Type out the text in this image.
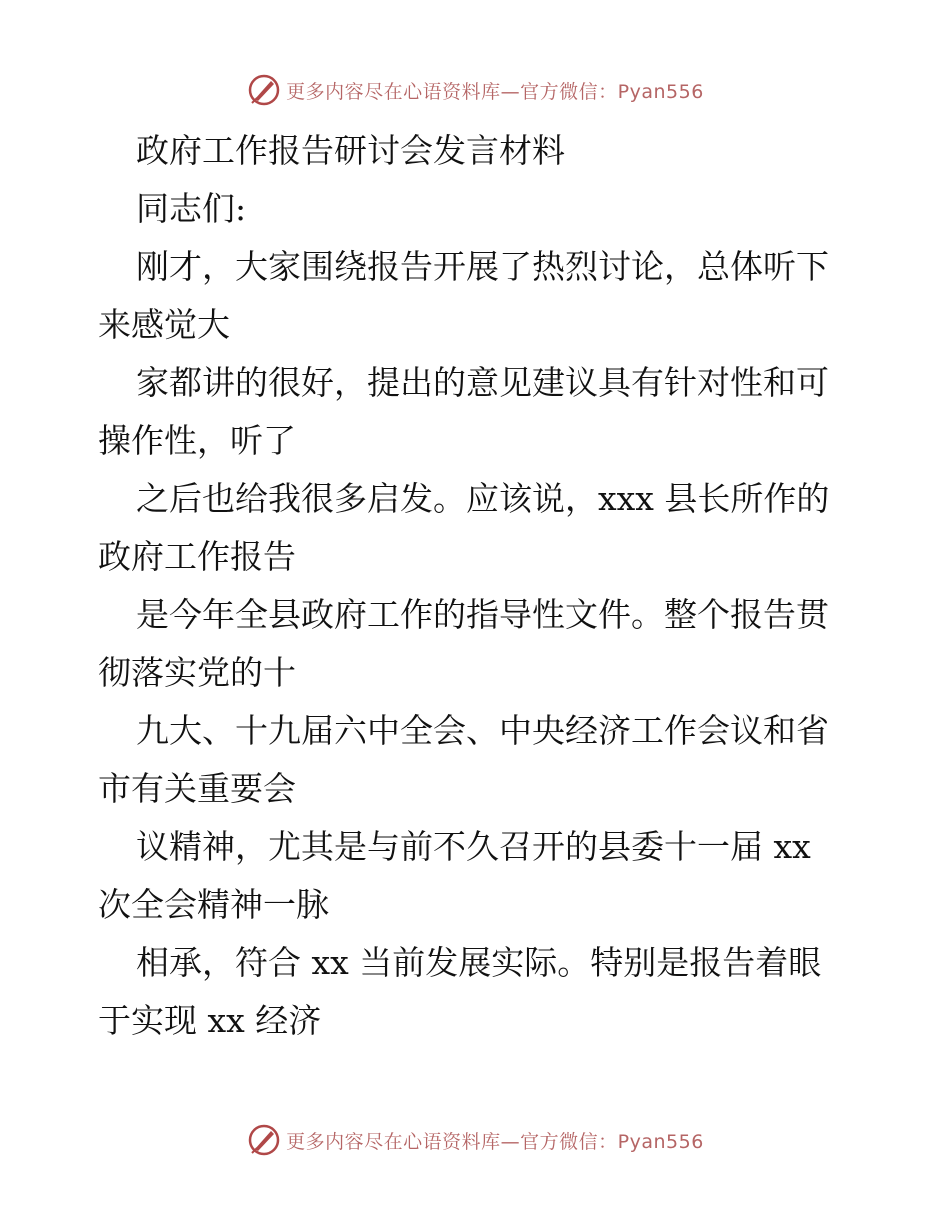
更多内容尽在心语资料库—官方微信：Pyan556
政府工作报告研讨会发言材料
同志们:
刚才，大家围绕报告开展了热烈讨论，总体听下
来感觉大
家都讲的很好，提出的意见建议具有针对性和可
操作性，听了
之后也给我很多启发。应该说，xxx 县长所作的
政府工作报告
是今年全县政府工作的指导性文件。整个报告贯
彻落实党的十
九大、十九届六中全会、中央经济工作会议和省
市有关重要会
议精神，尤其是与前不久召开的县委十一届 xx
次全会精神一脉
相承，符合 xx 当前发展实际。特别是报告着眼
于实现 xx 经济
更多内容尽在心语资料库—官方微信：Pyan556
